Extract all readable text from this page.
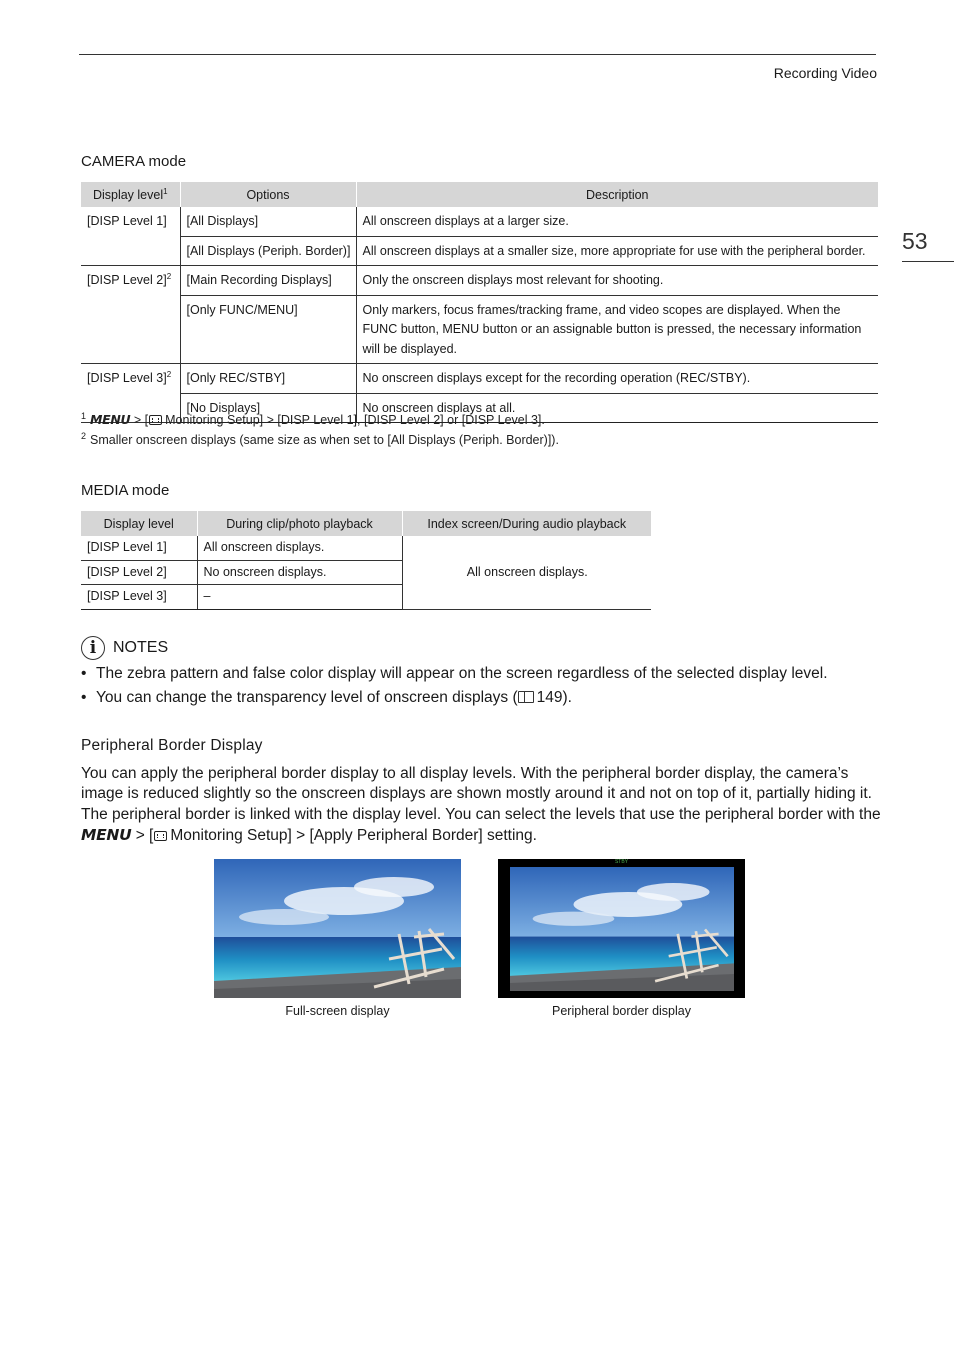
Recording Video
53
CAMERA mode
Display level$^1$	Options	Description
[DISP Level 1]	[All Displays]	All onscreen displays at a larger size.
	[All Displays (Periph. Border)]	All onscreen displays at a smaller size, more appropriate for use with the peripheral border.
[DISP Level 2]$^2$	[Main Recording Displays]	Only the onscreen displays most relevant for shooting.
	[Only FUNC/MENU]	Only markers, focus frames/tracking frame, and video scopes are displayed. When the FUNC button, MENU button or an assignable button is pressed, the necessary information will be displayed.
[DISP Level 3]$^2$	[Only REC/STBY]	No onscreen displays except for the recording operation (REC/STBY).
	[No Displays]	No onscreen displays at all.
$^1$ MENU > [ Monitoring Setup] > [DISP Level 1], [DISP Level 2] or [DISP Level 3].
$^2$ Smaller onscreen displays (same size as when set to [All Displays (Periph. Border)]).
MEDIA mode
Display level	During clip/photo playback	Index screen/During audio playback
[DISP Level 1]	All onscreen displays.	All onscreen displays.
[DISP Level 2]	No onscreen displays.	
[DISP Level 3]	–	
i	NOTES
• The zebra pattern and false color display will appear on the screen regardless of the selected display level.
• You can change the transparency level of onscreen displays ( 149).
Peripheral Border Display
You can apply the peripheral border display to all display levels. With the peripheral border display, the camera’s image is reduced slightly so the onscreen displays are shown mostly around it and not on top of it, partially hiding it. The peripheral border is linked with the display level. You can select the levels that use the peripheral border with the MENU > [ Monitoring Setup] > [Apply Peripheral Border] setting.
Full-screen display
STBY
Peripheral border display
